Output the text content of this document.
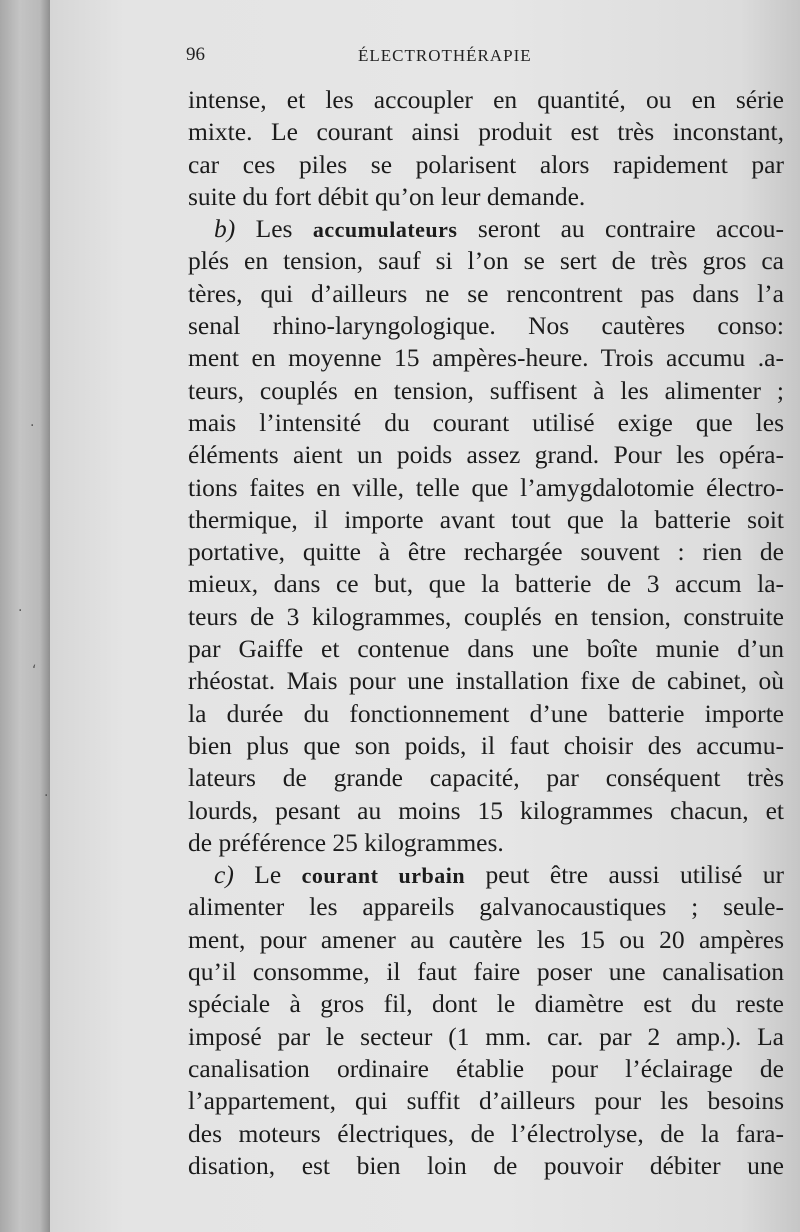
·
·
‘
·
96	ÉLECTROTHÉRAPIE
intense, et les accoupler en quantité, ou en série
mixte. Le courant ainsi produit est très inconstant,
car ces piles se polarisent alors rapidement par
suite du fort débit qu’on leur demande.
b) Les accumulateurs seront au contraire accou-
plés en tension, sauf si l’on se sert de très gros ca
tères, qui d’ailleurs ne se rencontrent pas dans l’a
senal rhino-laryngologique. Nos cautères conso:
ment en moyenne 15 ampères-heure. Trois accumu .a-
teurs, couplés en tension, suffisent à les alimenter ;
mais l’intensité du courant utilisé exige que les
éléments aient un poids assez grand. Pour les opéra-
tions faites en ville, telle que l’amygdalotomie électro-
thermique, il importe avant tout que la batterie soit
portative, quitte à être rechargée souvent : rien de
mieux, dans ce but, que la batterie de 3 accum la-
teurs de 3 kilogrammes, couplés en tension, construite
par Gaiffe et contenue dans une boîte munie d’un
rhéostat. Mais pour une installation fixe de cabinet, où
la durée du fonctionnement d’une batterie importe
bien plus que son poids, il faut choisir des accumu-
lateurs de grande capacité, par conséquent très
lourds, pesant au moins 15 kilogrammes chacun, et
de préférence 25 kilogrammes.
c) Le courant urbain peut être aussi utilisé ur
alimenter les appareils galvanocaustiques ; seule-
ment, pour amener au cautère les 15 ou 20 ampères
qu’il consomme, il faut faire poser une canalisation
spéciale à gros fil, dont le diamètre est du reste
imposé par le secteur (1 mm. car. par 2 amp.). La
canalisation ordinaire établie pour l’éclairage de
l’appartement, qui suffit d’ailleurs pour les besoins
des moteurs électriques, de l’électrolyse, de la fara-
disation, est bien loin de pouvoir débiter une
